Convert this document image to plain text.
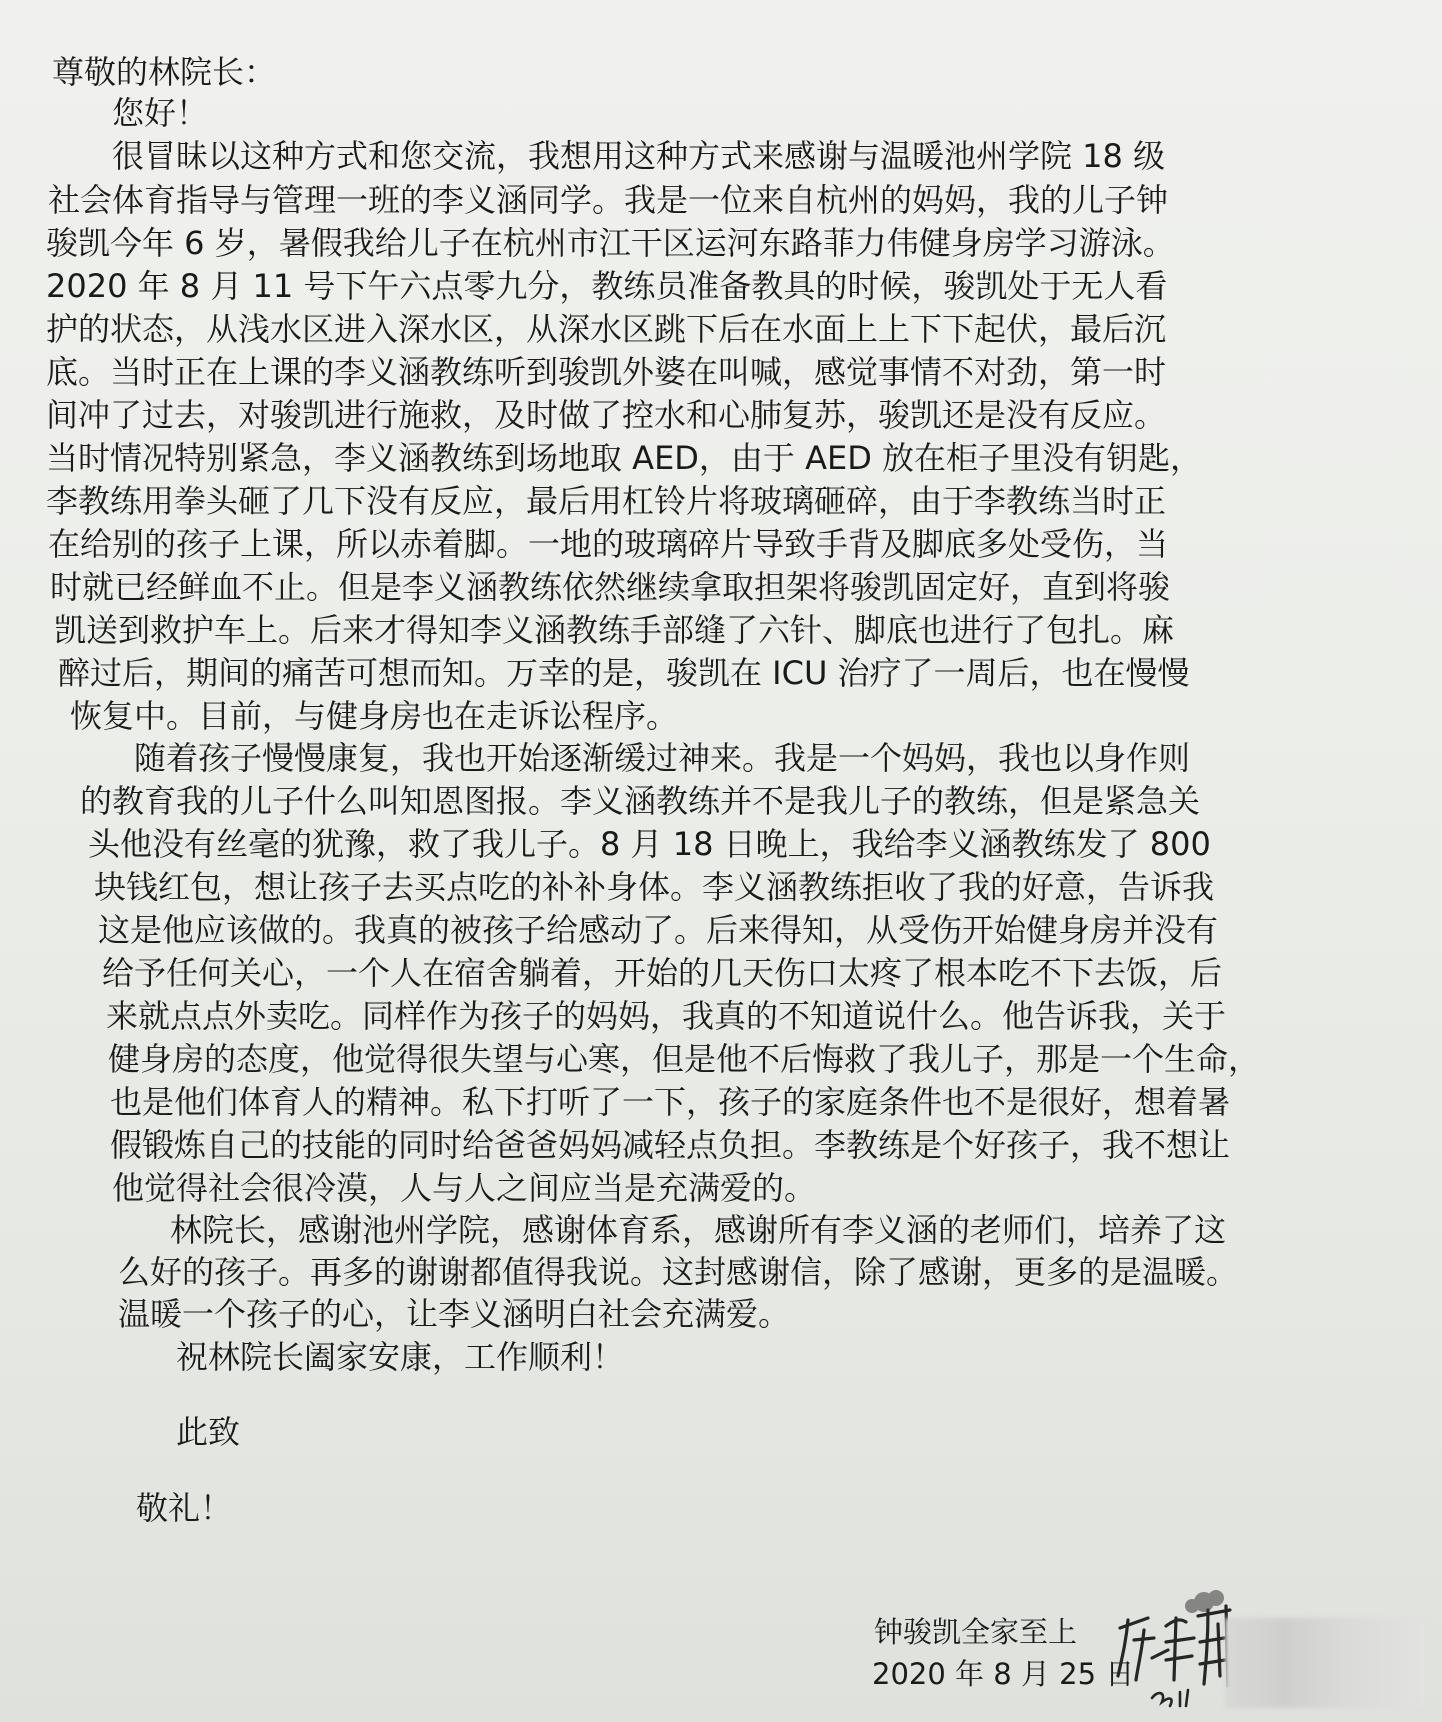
尊敬的林院长：
您好！
很冒昧以这种方式和您交流，我想用这种方式来感谢与温暖池州学院 18 级
社会体育指导与管理一班的李义涵同学。我是一位来自杭州的妈妈，我的儿子钟
骏凯今年 6 岁，暑假我给儿子在杭州市江干区运河东路菲力伟健身房学习游泳。
2020 年 8 月 11 号下午六点零九分，教练员准备教具的时候，骏凯处于无人看
护的状态，从浅水区进入深水区，从深水区跳下后在水面上上下下起伏，最后沉
底。当时正在上课的李义涵教练听到骏凯外婆在叫喊，感觉事情不对劲，第一时
间冲了过去，对骏凯进行施救，及时做了控水和心肺复苏，骏凯还是没有反应。
当时情况特别紧急，李义涵教练到场地取 AED，由于 AED 放在柜子里没有钥匙，
李教练用拳头砸了几下没有反应，最后用杠铃片将玻璃砸碎，由于李教练当时正
在给别的孩子上课，所以赤着脚。一地的玻璃碎片导致手背及脚底多处受伤，当
时就已经鲜血不止。但是李义涵教练依然继续拿取担架将骏凯固定好，直到将骏
凯送到救护车上。后来才得知李义涵教练手部缝了六针、脚底也进行了包扎。麻
醉过后，期间的痛苦可想而知。万幸的是，骏凯在 ICU 治疗了一周后，也在慢慢
恢复中。目前，与健身房也在走诉讼程序。
随着孩子慢慢康复，我也开始逐渐缓过神来。我是一个妈妈，我也以身作则
的教育我的儿子什么叫知恩图报。李义涵教练并不是我儿子的教练，但是紧急关
头他没有丝毫的犹豫，救了我儿子。8 月 18 日晚上，我给李义涵教练发了 800
块钱红包，想让孩子去买点吃的补补身体。李义涵教练拒收了我的好意，告诉我
这是他应该做的。我真的被孩子给感动了。后来得知，从受伤开始健身房并没有
给予任何关心，一个人在宿舍躺着，开始的几天伤口太疼了根本吃不下去饭，后
来就点点外卖吃。同样作为孩子的妈妈，我真的不知道说什么。他告诉我，关于
健身房的态度，他觉得很失望与心寒，但是他不后悔救了我儿子，那是一个生命，
也是他们体育人的精神。私下打听了一下，孩子的家庭条件也不是很好，想着暑
假锻炼自己的技能的同时给爸爸妈妈减轻点负担。李教练是个好孩子，我不想让
他觉得社会很冷漠，人与人之间应当是充满爱的。
林院长，感谢池州学院，感谢体育系，感谢所有李义涵的老师们，培养了这
么好的孩子。再多的谢谢都值得我说。这封感谢信，除了感谢，更多的是温暖。
温暖一个孩子的心，让李义涵明白社会充满爱。
祝林院长阖家安康，工作顺利！
此致
敬礼！
钟骏凯全家至上
2020 年 8 月 25 日
